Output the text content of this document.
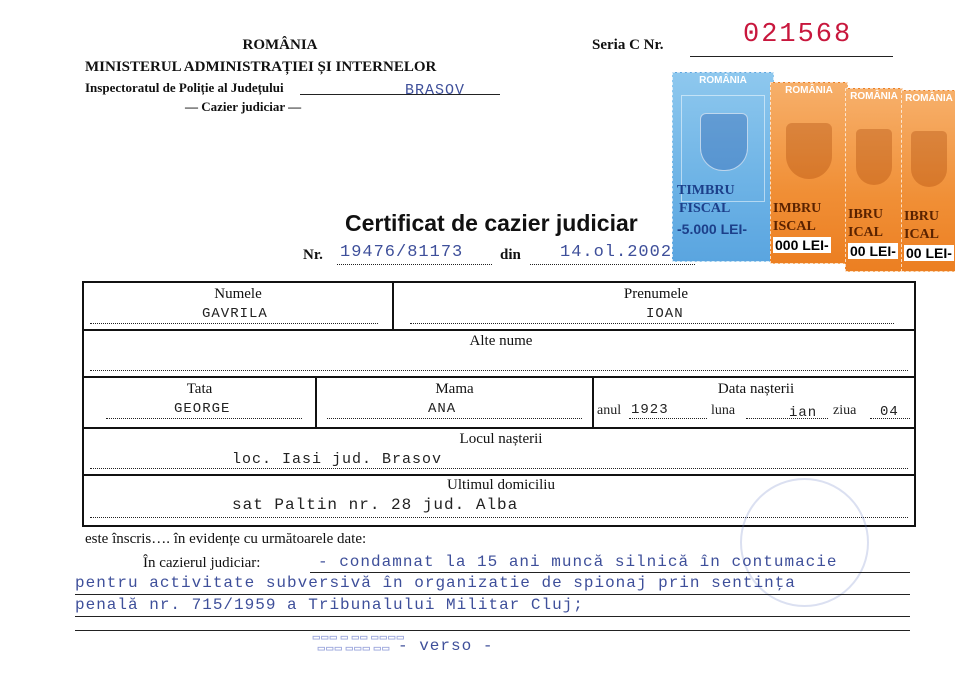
ROMÂNIA
MINISTERUL ADMINISTRAȚIEI ȘI INTERNELOR
Inspectoratul de Poliție al Județului	BRASOV
— Cazier judiciar —
Seria C Nr.	021568
ROMÂNIA
TIMBRU
FISCAL
-5.000 LEI-
ROMÂNIA
IMBRU
ISCAL
000 LEI-
ROMÂNIA
IBRU
ICAL
00 LEI-
ROMÂNIA
IBRU
ICAL
00 LEI-
Certificat de cazier judiciar
Nr. 19476/81173 din 14.ol.2002
Numele
GAVRILA
Prenumele
IOAN
Alte nume
Tata
GEORGE
Mama
ANA
Data nașterii
anul 1923	luna	ian ziua 04
Locul nașterii
loc. Iasi jud. Brasov
Ultimul domiciliu
sat Paltin nr. 28 jud. Alba
▭▭▭ ▭ ▭▭ ▭▭▭▭
▭▭▭ ▭▭▭ ▭▭
este înscris…. în evidențe cu următoarele date:
În cazierul judiciar:	- condamnat la 15 ani muncă silnică în contumacie
pentru activitate subversivă în organizatie de spionaj prin sentinţa
penală nr. 715/1959 a Tribunalului Militar Cluj;
- verso -
